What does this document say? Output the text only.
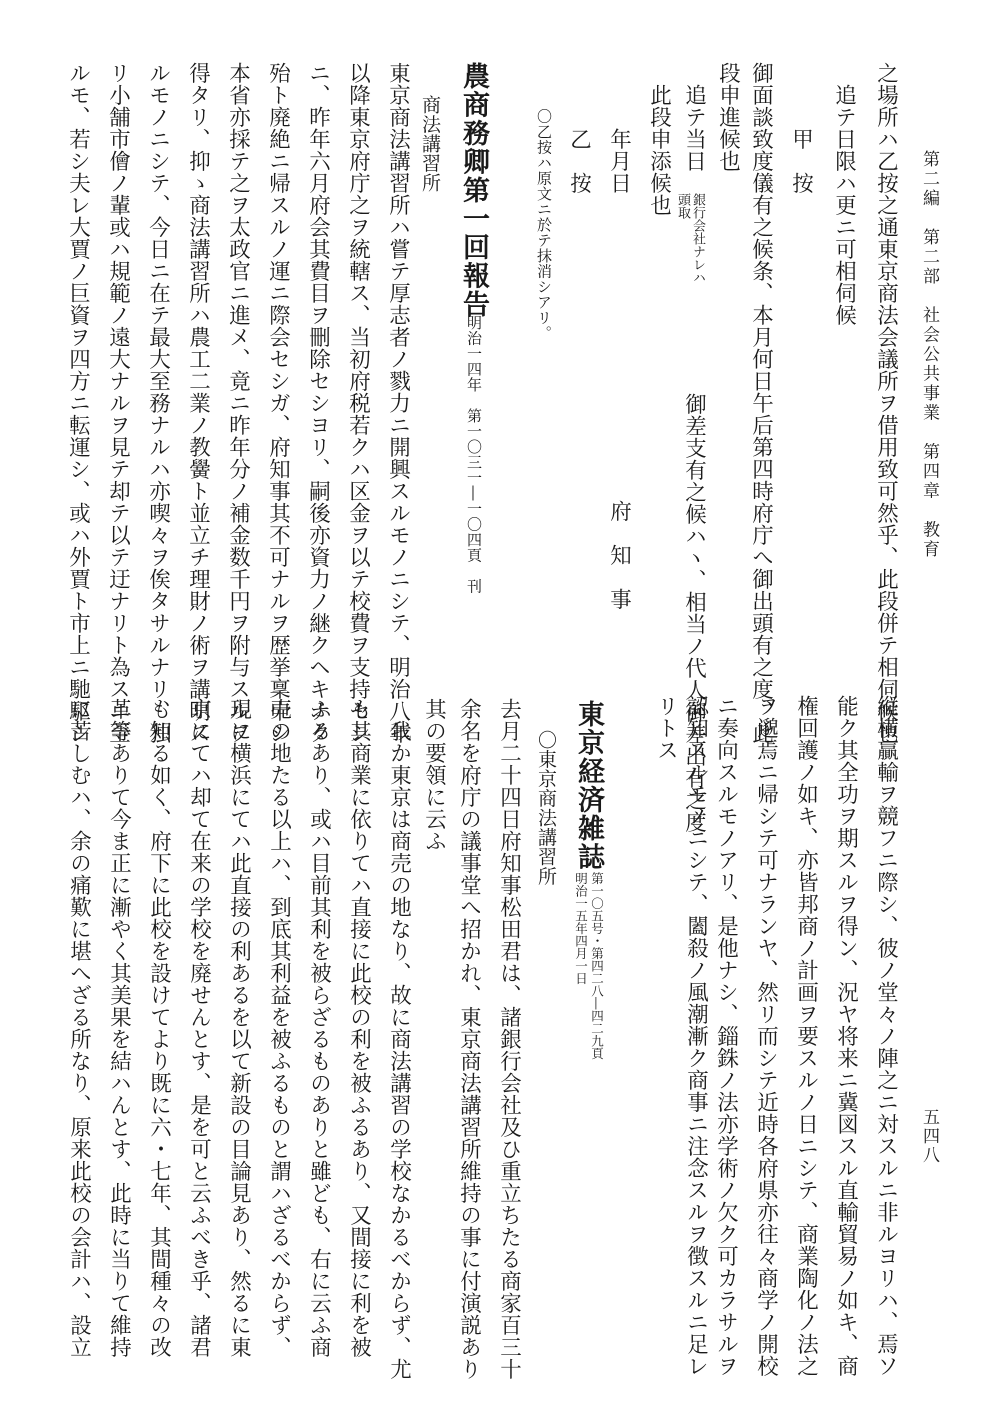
第二編　第二部　社会公共事業　第四章　教育
五四八
之場所ハ乙按之通東京商法会議所ヲ借用致可然乎、此段併テ相伺候也
　追テ日限ハ更ニ可相伺候
　　　甲　按
御面談致度儀有之候条、本月何日午后第四時府庁へ御出頭有之度、此
段申進候也
　追テ当日
銀行会社ナレハ
頭取
　　　　　御差支有之候ハヽ、相当ノ代人御差出有之度
　此段申添候也
　　　年月日
府　知　事
　　　乙　按
　　　〇乙按ハ原文ニ於テ抹消シアリ。
農商務卿第一回報告
明治一四年　第一〇三一―一〇四頁　刊
商法講習所
東京商法講習所ハ嘗テ厚志者ノ戮力ニ開興スルモノニシテ、明治八年
以降東京府庁之ヲ統轄ス、当初府税若クハ区金ヲ以テ校費ヲ支持セシ
ニ、昨年六月府会其費目ヲ刪除セシヨリ、嗣後亦資力ノ継クヘキナク
殆ト廃絶ニ帰スルノ運ニ際会セシガ、府知事其不可ナルヲ歴挙稟申シ
本省亦採テ之ヲ太政官ニ進メ、竟ニ昨年分ノ補金数千円ヲ附与スルヲ
得タリ、抑ゝ商法講習所ハ農工二業ノ教黌ト並立チ理財ノ術ヲ講明ス
ルモノニシテ、今日ニ在テ最大至務ナルハ亦喫々ヲ俟タサルナリ、独
リ小舗市儈ノ輩或ハ規範ノ遠大ナルヲ見テ却テ以テ迂ナリト為スニ至
ルモ、若シ夫レ大賈ノ巨資ヲ四方ニ転運シ、或ハ外賈ト市上ニ馳駆シ
縦横贏輸ヲ競フニ際シ、彼ノ堂々ノ陣之ニ対スルニ非ルヨリハ、焉ソ
能ク其全功ヲ期スルヲ得ン、況ヤ将来ニ冀図スル直輸貿易ノ如キ、商
権回護ノ如キ、亦皆邦商ノ計画ヲ要スルノ日ニシテ、商業陶化ノ法之
ヲ邈焉ニ帰シテ可ナランヤ、然リ而シテ近時各府県亦往々商学ノ開校
ニ奏向スルモノアリ、是他ナシ、錙銖ノ法亦学術ノ欠ク可カラサルヲ
認知スルモノニシテ、闔殺ノ風潮漸ク商事ニ注念スルヲ徴スルニ足レ
リトス
東京経済雑誌
第一〇五号・第四二八―四二九頁
明治一五年四月一日
〇東京商法講習所
去月二十四日府知事松田君は、諸銀行会社及ひ重立ちたる商家百三十
余名を府庁の議事堂へ招かれ、東京商法講習所維持の事に付演説あり
其の要領に云ふ
　我か東京は商売の地なり、故に商法講習の学校なかるべからず、尤
も其商業に依りてハ直接に此校の利を被ふるあり、又間接に利を被
ふるあり、或ハ目前其利を被らざるものありと雖ども、右に云ふ商
売の地たる以上ハ、到底其利益を被ふるものと謂ハざるべからず、
現に横浜にてハ此直接の利あるを以て新設の目論見あり、然るに東
京にてハ却て在来の学校を廃せんとす、是を可と云ふべき乎、諸君
も知る如く、府下に此校を設けてより既に六・七年、其間種々の改
革等ありて今ま正に漸やく其美果を結ハんとす、此時に当りて維持
に苦しむハ、余の痛歎に堪へざる所なり、原来此校の会計ハ、設立
